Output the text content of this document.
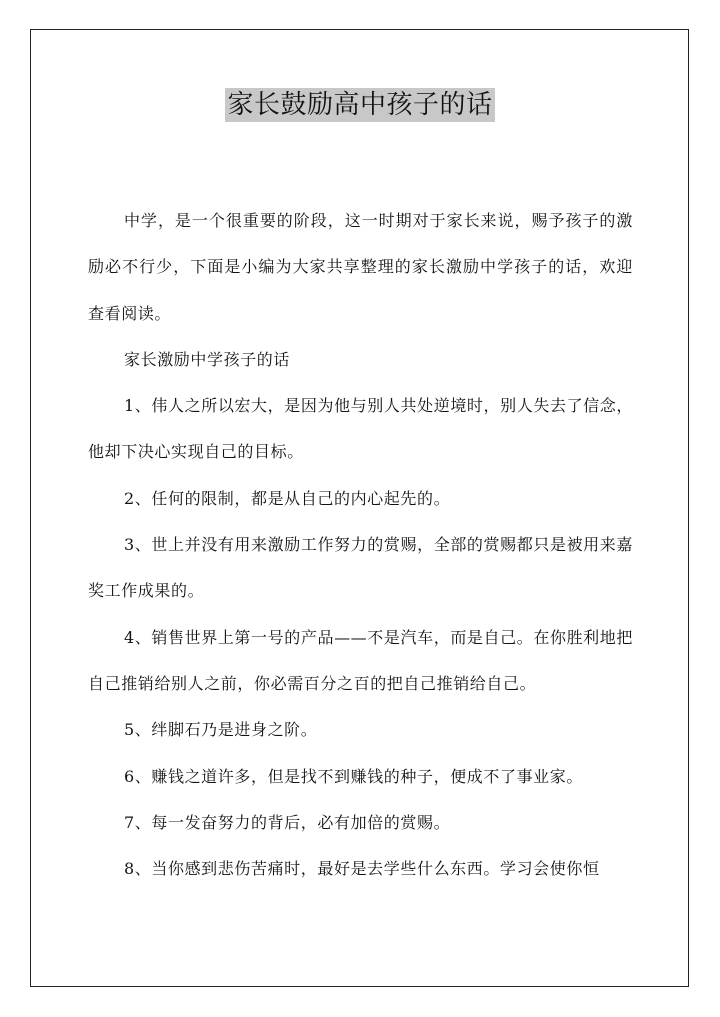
家长鼓励高中孩子的话

中学，是一个很重要的阶段，这一时期对于家长来说，赐予孩子的激励必不行少，下面是小编为大家共享整理的家长激励中学孩子的话，欢迎查看阅读。

家长激励中学孩子的话

1、伟人之所以宏大，是因为他与别人共处逆境时，别人失去了信念，他却下决心实现自己的目标。

2、任何的限制，都是从自己的内心起先的。

3、世上并没有用来激励工作努力的赏赐，全部的赏赐都只是被用来嘉奖工作成果的。

4、销售世界上第一号的产品——不是汽车，而是自己。在你胜利地把自己推销给别人之前，你必需百分之百的把自己推销给自己。

5、绊脚石乃是进身之阶。

6、赚钱之道许多，但是找不到赚钱的种子，便成不了事业家。

7、每一发奋努力的背后，必有加倍的赏赐。

8、当你感到悲伤苦痛时，最好是去学些什么东西。学习会使你恒
